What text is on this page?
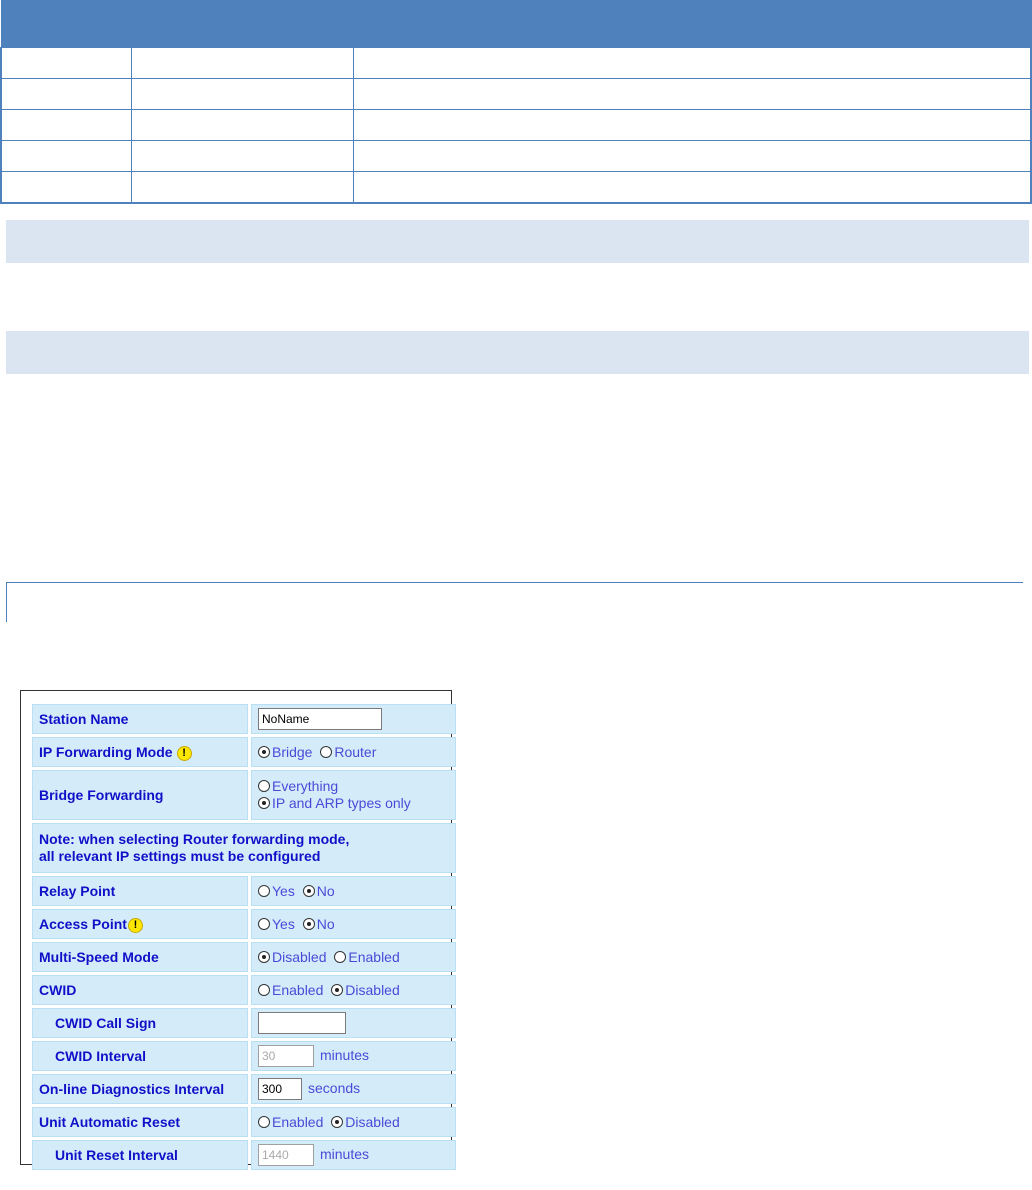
Station Name	NoName
IP Forwarding Mode !	Bridge Router
Bridge Forwarding	Everything
IP and ARP types only
Note: when selecting Router forwarding mode,
all relevant IP settings must be configured	
Relay Point	Yes No
Access Point !	Yes No
Multi-Speed Mode	Disabled Enabled
CWID	Enabled Disabled
CWID Call Sign	
CWID Interval	30minutes
On-line Diagnostics Interval	300seconds
Unit Automatic Reset	Enabled Disabled
Unit Reset Interval	1440minutes
